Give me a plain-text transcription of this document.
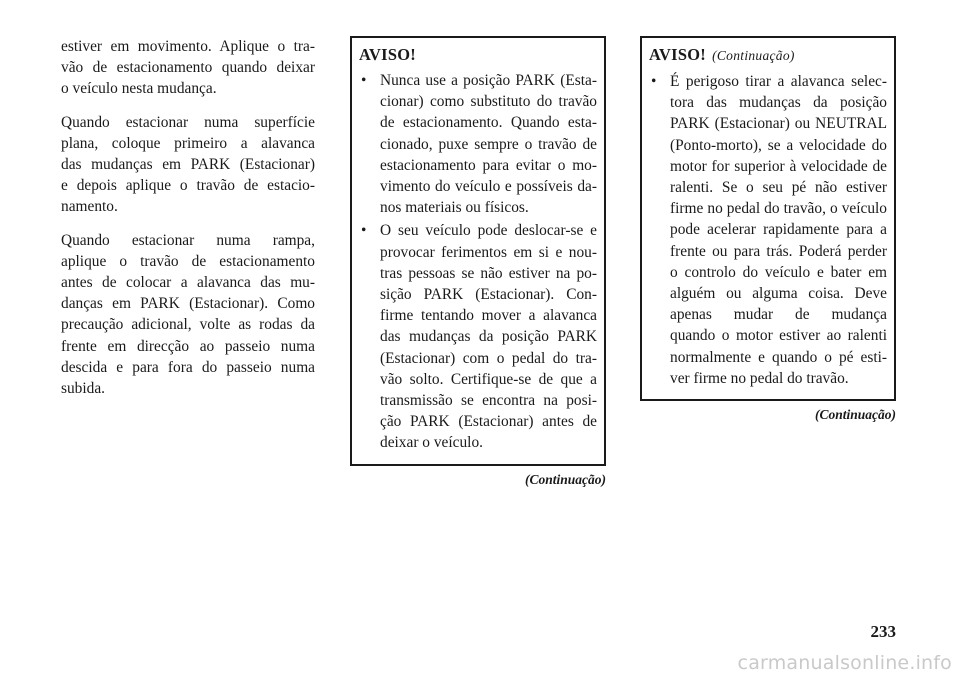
estiver em movimento. Aplique o tra-
vão de estacionamento quando deixar
o veículo nesta mudança.

Quando estacionar numa superfície
plana, coloque primeiro a alavanca
das mudanças em PARK (Estacionar)
e depois aplique o travão de estacio-
namento.

Quando estacionar numa rampa,
aplique o travão de estacionamento
antes de colocar a alavanca das mu-
danças em PARK (Estacionar). Como
precaução adicional, volte as rodas da
frente em direcção ao passeio numa
descida e para fora do passeio numa
subida.

AVISO!
• Nunca use a posição PARK (Esta-
cionar) como substituto do travão
de estacionamento. Quando esta-
cionado, puxe sempre o travão de
estacionamento para evitar o mo-
vimento do veículo e possíveis da-
nos materiais ou físicos.
• O seu veículo pode deslocar-se e
provocar ferimentos em si e nou-
tras pessoas se não estiver na po-
sição PARK (Estacionar). Con-
firme tentando mover a alavanca
das mudanças da posição PARK
(Estacionar) com o pedal do tra-
vão solto. Certifique-se de que a
transmissão se encontra na posi-
ção PARK (Estacionar) antes de
deixar o veículo.
(Continuação)
AVISO! (Continuação)
• É perigoso tirar a alavanca selec-
tora das mudanças da posição
PARK (Estacionar) ou NEUTRAL
(Ponto-morto), se a velocidade do
motor for superior à velocidade de
ralenti. Se o seu pé não estiver
firme no pedal do travão, o veículo
pode acelerar rapidamente para a
frente ou para trás. Poderá perder
o controlo do veículo e bater em
alguém ou alguma coisa. Deve
apenas mudar de mudança
quando o motor estiver ao ralenti
normalmente e quando o pé esti-
ver firme no pedal do travão.
(Continuação)
233
carmanualsonline.info
